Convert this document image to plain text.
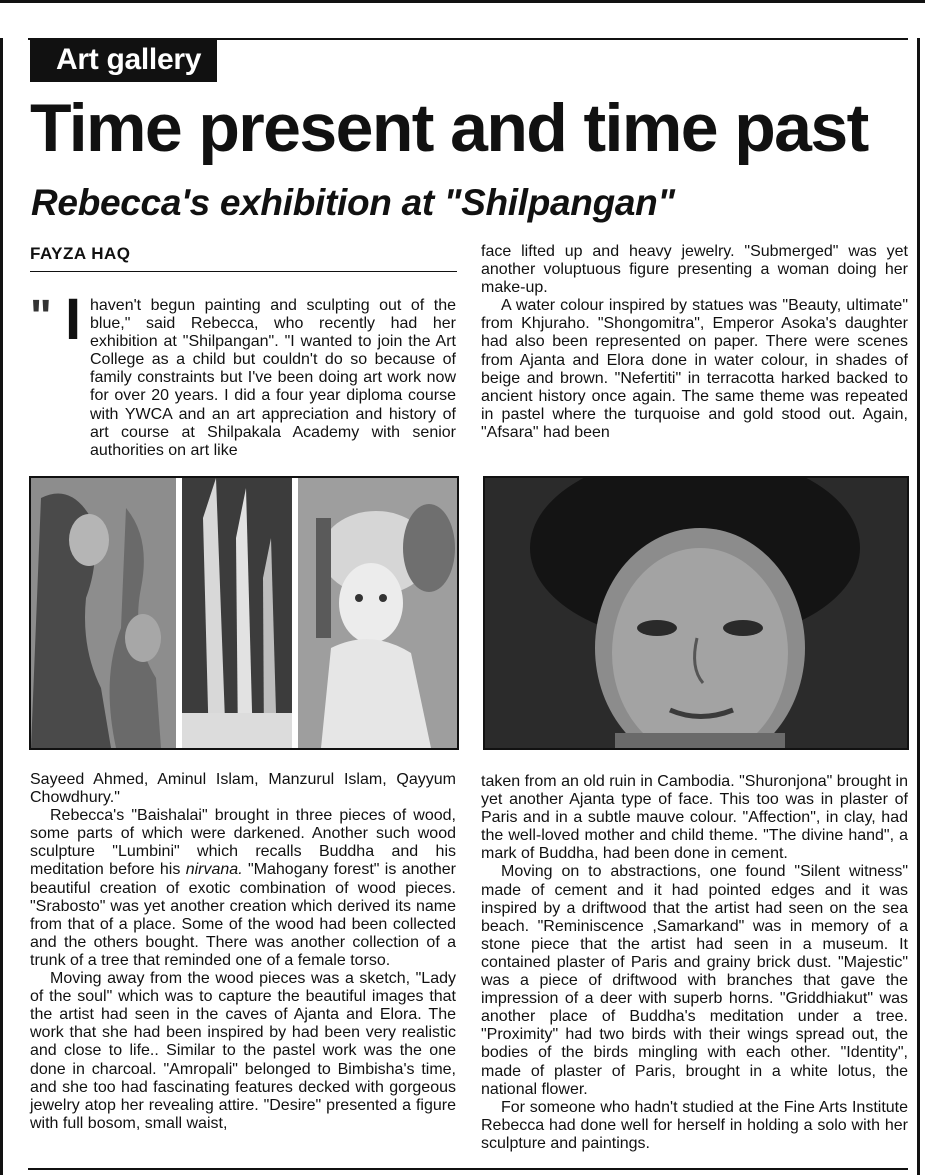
Art gallery
Time present and time past
Rebecca's exhibition at "Shilpangan"
FAYZA HAQ
" I haven't begun painting and sculpting out of the blue," said Rebecca, who recently had her exhibition at "Shilpangan". "I wanted to join the Art College as a child but couldn't do so because of family constraints but I've been doing art work now for over 20 years. I did a four year diploma course with YWCA and an art appreciation and history of art course at Shilpakala Academy with senior authorities on art like

face lifted up and heavy jewelry. "Submerged" was yet another voluptuous figure presenting a woman doing her make-up.

A water colour inspired by statues was "Beauty, ultimate" from Khjuraho. "Shongomitra", Emperor Asoka's daughter had also been represented on paper. There were scenes from Ajanta and Elora done in water colour, in shades of beige and brown. "Nefertiti" in terracotta harked backed to ancient history once again. The same theme was repeated in pastel where the turquoise and gold stood out. Again, "Afsara" had been

Sayeed Ahmed, Aminul Islam, Manzurul Islam, Qayyum Chowdhury."

Rebecca's "Baishalai" brought in three pieces of wood, some parts of which were darkened. Another such wood sculpture "Lumbini" which recalls Buddha and his meditation before his nirvana. "Mahogany forest" is another beautiful creation of exotic combination of wood pieces. "Srabosto" was yet another creation which derived its name from that of a place. Some of the wood had been collected and the others bought. There was another collection of a trunk of a tree that reminded one of a female torso.

Moving away from the wood pieces was a sketch, "Lady of the soul" which was to capture the beautiful images that the artist had seen in the caves of Ajanta and Elora. The work that she had been inspired by had been very realistic and close to life.. Similar to the pastel work was the one done in charcoal. "Amropali" belonged to Bimbisha's time, and she too had fascinating features decked with gorgeous jewelry atop her revealing attire. "Desire" presented a figure with full bosom, small waist,

taken from an old ruin in Cambodia. "Shuronjona" brought in yet another Ajanta type of face. This too was in plaster of Paris and in a subtle mauve colour. "Affection", in clay, had the well-loved mother and child theme. "The divine hand", a mark of Buddha, had been done in cement.

Moving on to abstractions, one found "Silent witness" made of cement and it had pointed edges and it was inspired by a driftwood that the artist had seen on the sea beach. "Reminiscence ,Samarkand" was in memory of a stone piece that the artist had seen in a museum. It contained plaster of Paris and grainy brick dust. "Majestic" was a piece of driftwood with branches that gave the impression of a deer with superb horns. "Griddhiakut" was another place of Buddha's meditation under a tree. "Proximity" had two birds with their wings spread out, the bodies of the birds mingling with each other. "Identity", made of plaster of Paris, brought in a white lotus, the national flower.

For someone who hadn't studied at the Fine Arts Institute Rebecca had done well for herself in holding a solo with her sculpture and paintings.
